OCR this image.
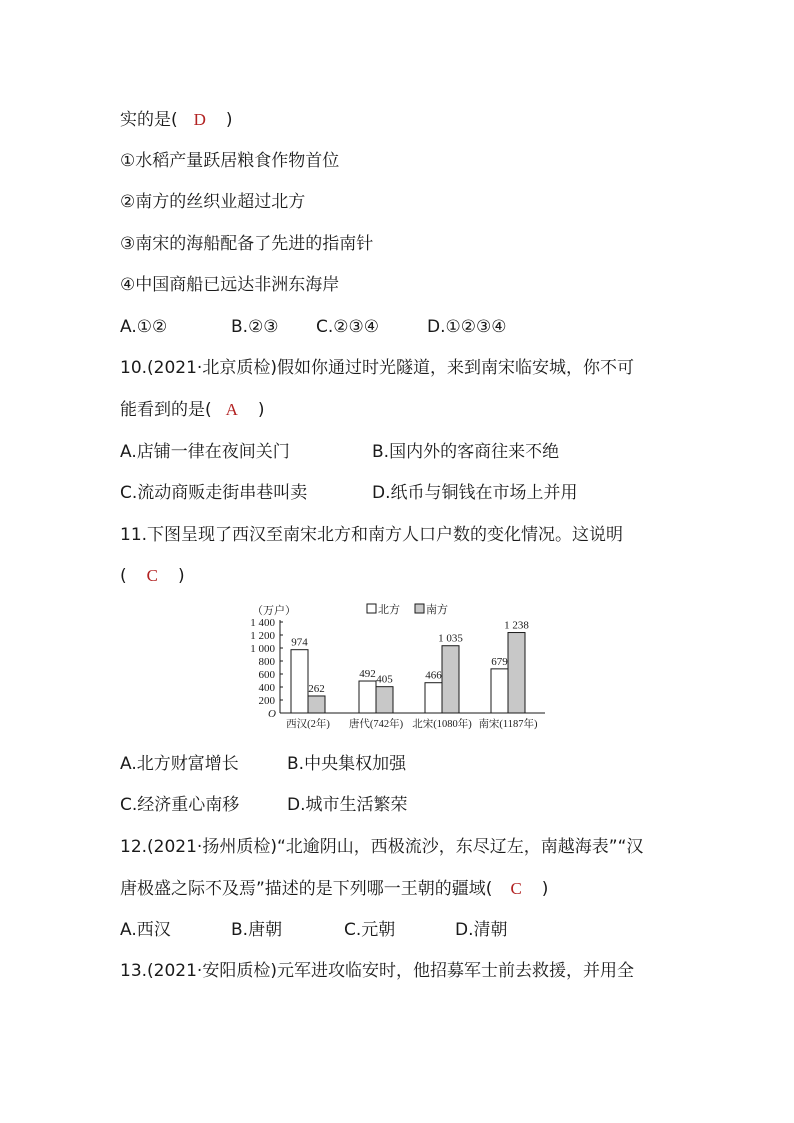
实的是( D )
①水稻产量跃居粮食作物首位
②南方的丝织业超过北方
③南宋的海船配备了先进的指南针
④中国商船已远达非洲东海岸
A.①②	B.②③ C.②③④	D.①②③④
10.(2021·北京质检)假如你通过时光隧道，来到南宋临安城，你不可
能看到的是( A )
A.店铺一律在夜间关门	B.国内外的客商往来不绝
C.流动商贩走街串巷叫卖	D.纸币与铜钱在市场上并用
11.下图呈现了西汉至南宋北方和南方人口户数的变化情况。这说明
( C )
（万户）	北方 南方
O
200
400
600
800
1 000
1 200
1 400
974
262
西汉(2年)
492 405
唐代(742年)
466
1 035
北宋(1080年)
679
1 238
南宋(1187年)
A.北方财富增长	B.中央集权加强
C.经济重心南移	D.城市生活繁荣
12.(2021·扬州质检)“北逾阴山，西极流沙，东尽辽左，南越海表”“汉
唐极盛之际不及焉”描述的是下列哪一王朝的疆域( C )
A.西汉	B.唐朝	C.元朝	D.清朝
13.(2021·安阳质检)元军进攻临安时，他招募军士前去救援，并用全
